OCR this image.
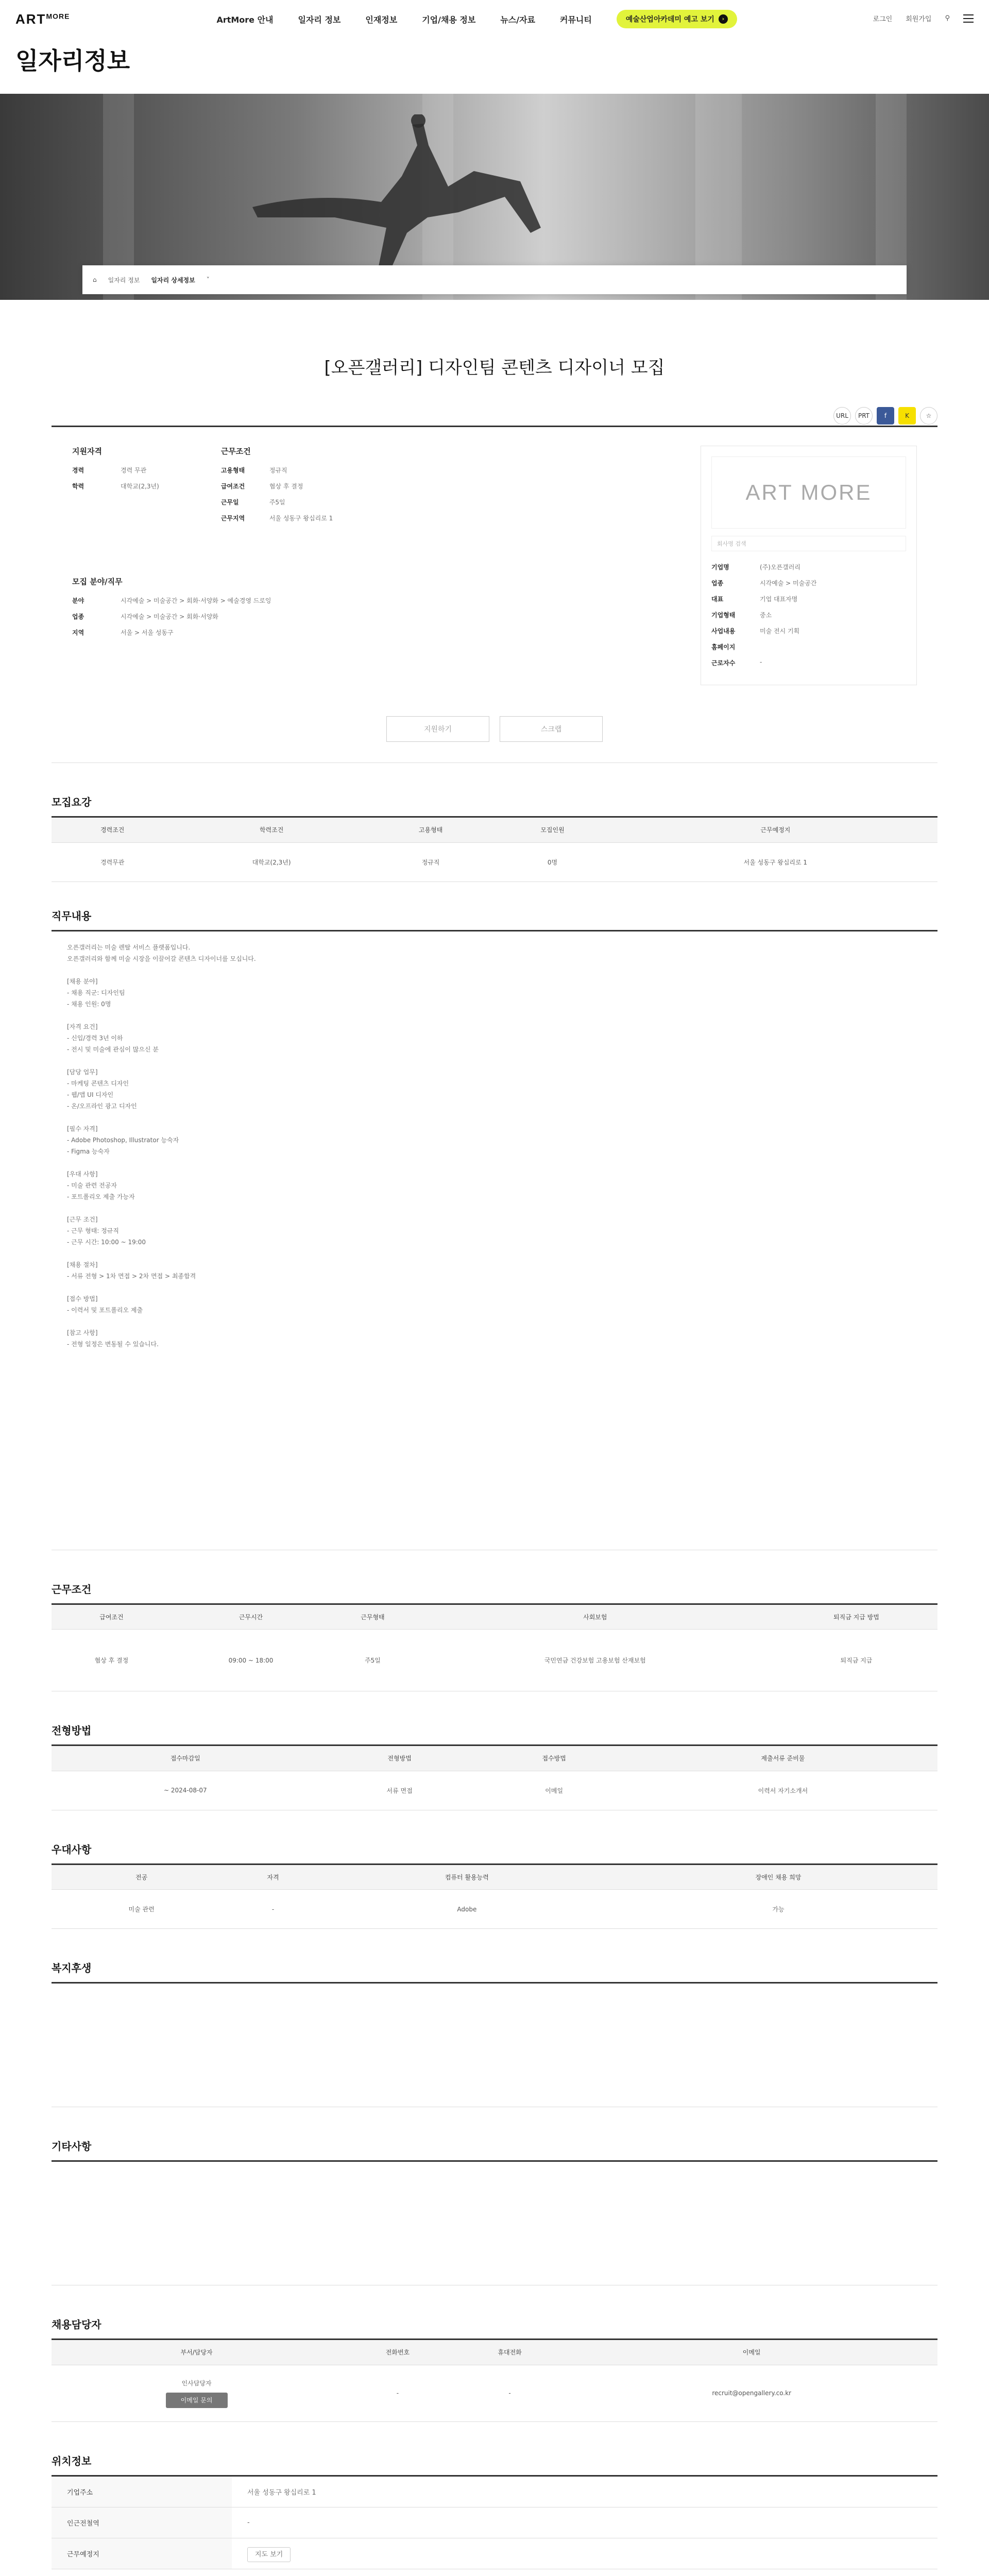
$ART^{MORE}$	ArtMore 안내	일자리 정보	인재정보	기업/채용 정보	뉴스/자료	커뮤니티	예술산업아카데미 예고 보기	›	로그인 회원가입 ⚲
일자리정보
⌂ 일자리 정보 일자리 상세정보 ˅
[오픈갤러리] 디자인팀 콘텐츠 디자이너 모집
URL	PRT	f	K	☆
지원자격
경력	경력 무관
학력	대학교(2,3년)
근무조건
고용형태	정규직
급여조건	협상 후 결정
근무일	주5일
근무지역	서울 성동구 왕십리로 1
모집 분야/직무
분야	시각예술 > 미술공간 > 회화·서양화 > 예술경영 드로잉
업종	시각예술 > 미술공간 > 회화·서양화
지역	서울 > 서울 성동구
ART
MORE
회사명 검색
기업명	(주)오픈갤러리
업종	시각예술 > 미술공간
대표	기업 대표자명
기업형태	중소
사업내용	미술 전시 기획
홈페이지
근로자수	-
지원하기	스크랩
모집요강
경력조건	학력조건	고용형태	모집인원	근무예정지
경력무관	대학교(2,3년)	정규직	0명	서울 성동구 왕십리로 1
직무내용
오픈갤러리는 미술 렌탈 서비스 플랫폼입니다.
오픈갤러리와 함께 미술 시장을 이끌어갈 콘텐츠 디자이너를 모십니다.

[채용 분야]
- 채용 직군: 디자인팀
- 채용 인원: 0명

[자격 요건]
- 신입/경력 3년 이하
- 전시 및 미술에 관심이 많으신 분

[담당 업무]
- 마케팅 콘텐츠 디자인
- 웹/앱 UI 디자인
- 온/오프라인 광고 디자인

[필수 자격]
- Adobe Photoshop, Illustrator 능숙자
- Figma 능숙자

[우대 사항]
- 미술 관련 전공자
- 포트폴리오 제출 가능자

[근무 조건]
- 근무 형태: 정규직
- 근무 시간: 10:00 ~ 19:00

[채용 절차]
- 서류 전형 > 1차 면접 > 2차 면접 > 최종합격

[접수 방법]
- 이력서 및 포트폴리오 제출

[참고 사항]
- 전형 일정은 변동될 수 있습니다.
근무조건
급여조건	근무시간	근무형태	사회보험	퇴직금 지급 방법
협상 후 결정	09:00 ~ 18:00	주5일	국민연금 건강보험 고용보험 산재보험	퇴직금 지급
전형방법
접수마감일	전형방법	접수방법	제출서류 준비물
~ 2024-08-07	서류 면접	이메일	이력서 자기소개서
우대사항
전공	자격	컴퓨터 활용능력	장애인 채용 희망
미술 관련	-	Adobe	가능
복지후생
기타사항
채용담당자
부서/담당자	전화번호	휴대전화	이메일

인사담당자
이메일 문의	-	-	recruit@opengallery.co.kr
위치정보
기업주소	서울 성동구 왕십리로 1
인근전철역	-
근무예정지	지도 보기
